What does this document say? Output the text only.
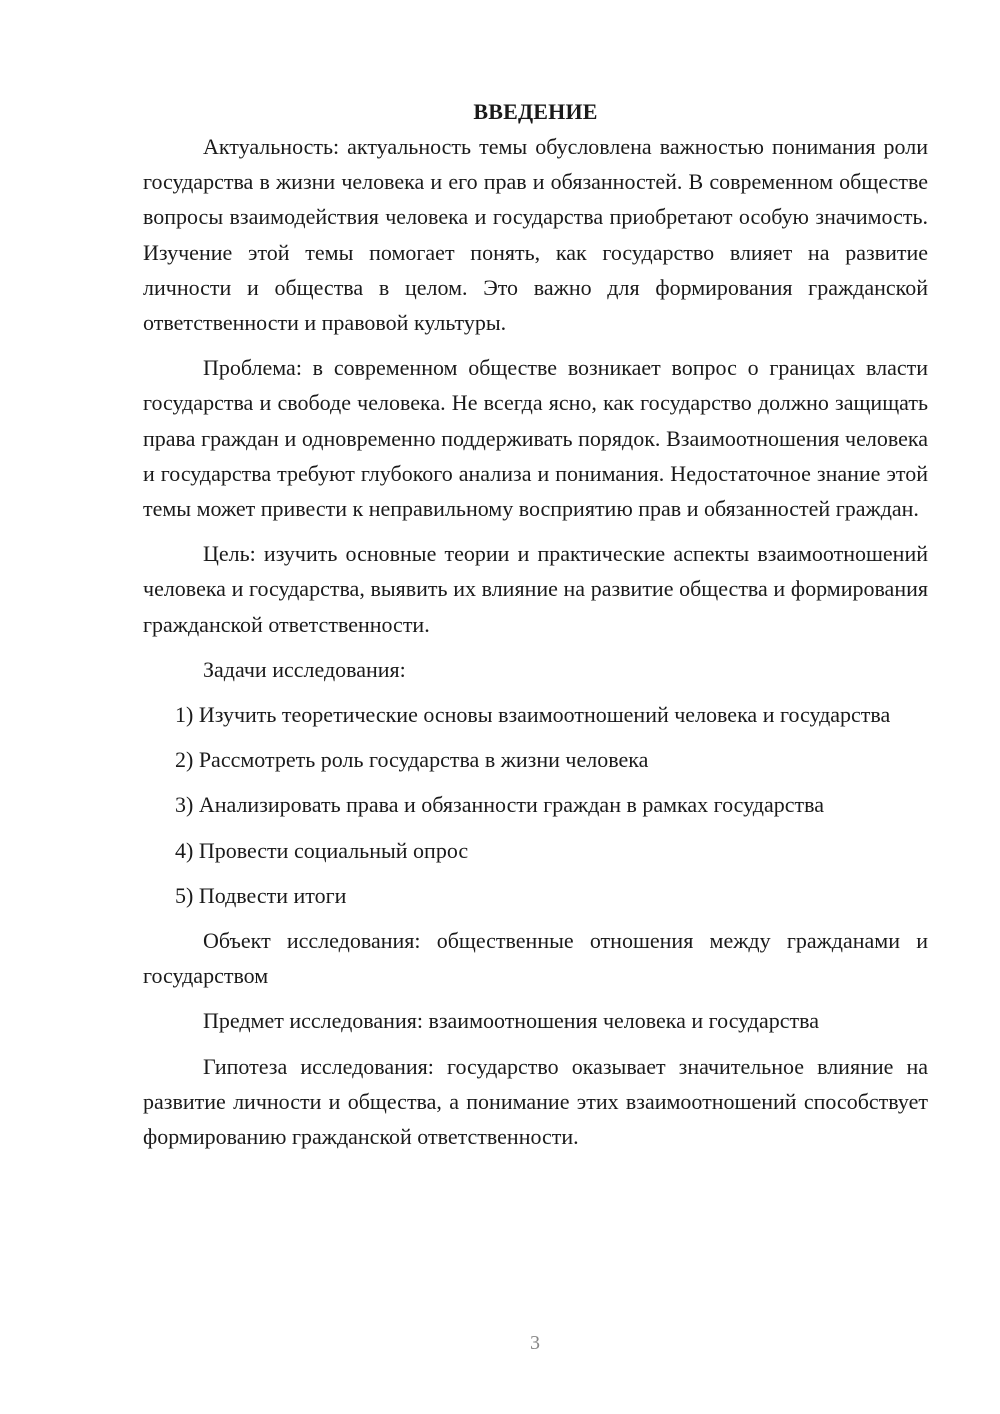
ВВЕДЕНИЕ

Актуальность: актуальность темы обусловлена важностью понимания роли государства в жизни человека и его прав и обязанностей. В современном обществе вопросы взаимодействия человека и государства приобретают особую значимость. Изучение этой темы помогает понять, как государство влияет на развитие личности и общества в целом. Это важно для формирования гражданской ответственности и правовой культуры.

Проблема: в современном обществе возникает вопрос о границах власти государства и свободе человека. Не всегда ясно, как государство должно защищать права граждан и одновременно поддерживать порядок. Взаимоотношения человека и государства требуют глубокого анализа и понимания. Недостаточное знание этой темы может привести к неправильному восприятию прав и обязанностей граждан.

Цель: изучить основные теории и практические аспекты взаимоотношений человека и государства, выявить их влияние на развитие общества и формирования гражданской ответственности.

Задачи исследования:

1) Изучить теоретические основы взаимоотношений человека и государства

2) Рассмотреть роль государства в жизни человека

3) Анализировать права и обязанности граждан в рамках государства

4) Провести социальный опрос

5) Подвести итоги

Объект исследования: общественные отношения между гражданами и государством

Предмет исследования: взаимоотношения человека и государства

Гипотеза исследования: государство оказывает значительное влияние на развитие личности и общества, а понимание этих взаимоотношений способствует формированию гражданской ответственности.

3
